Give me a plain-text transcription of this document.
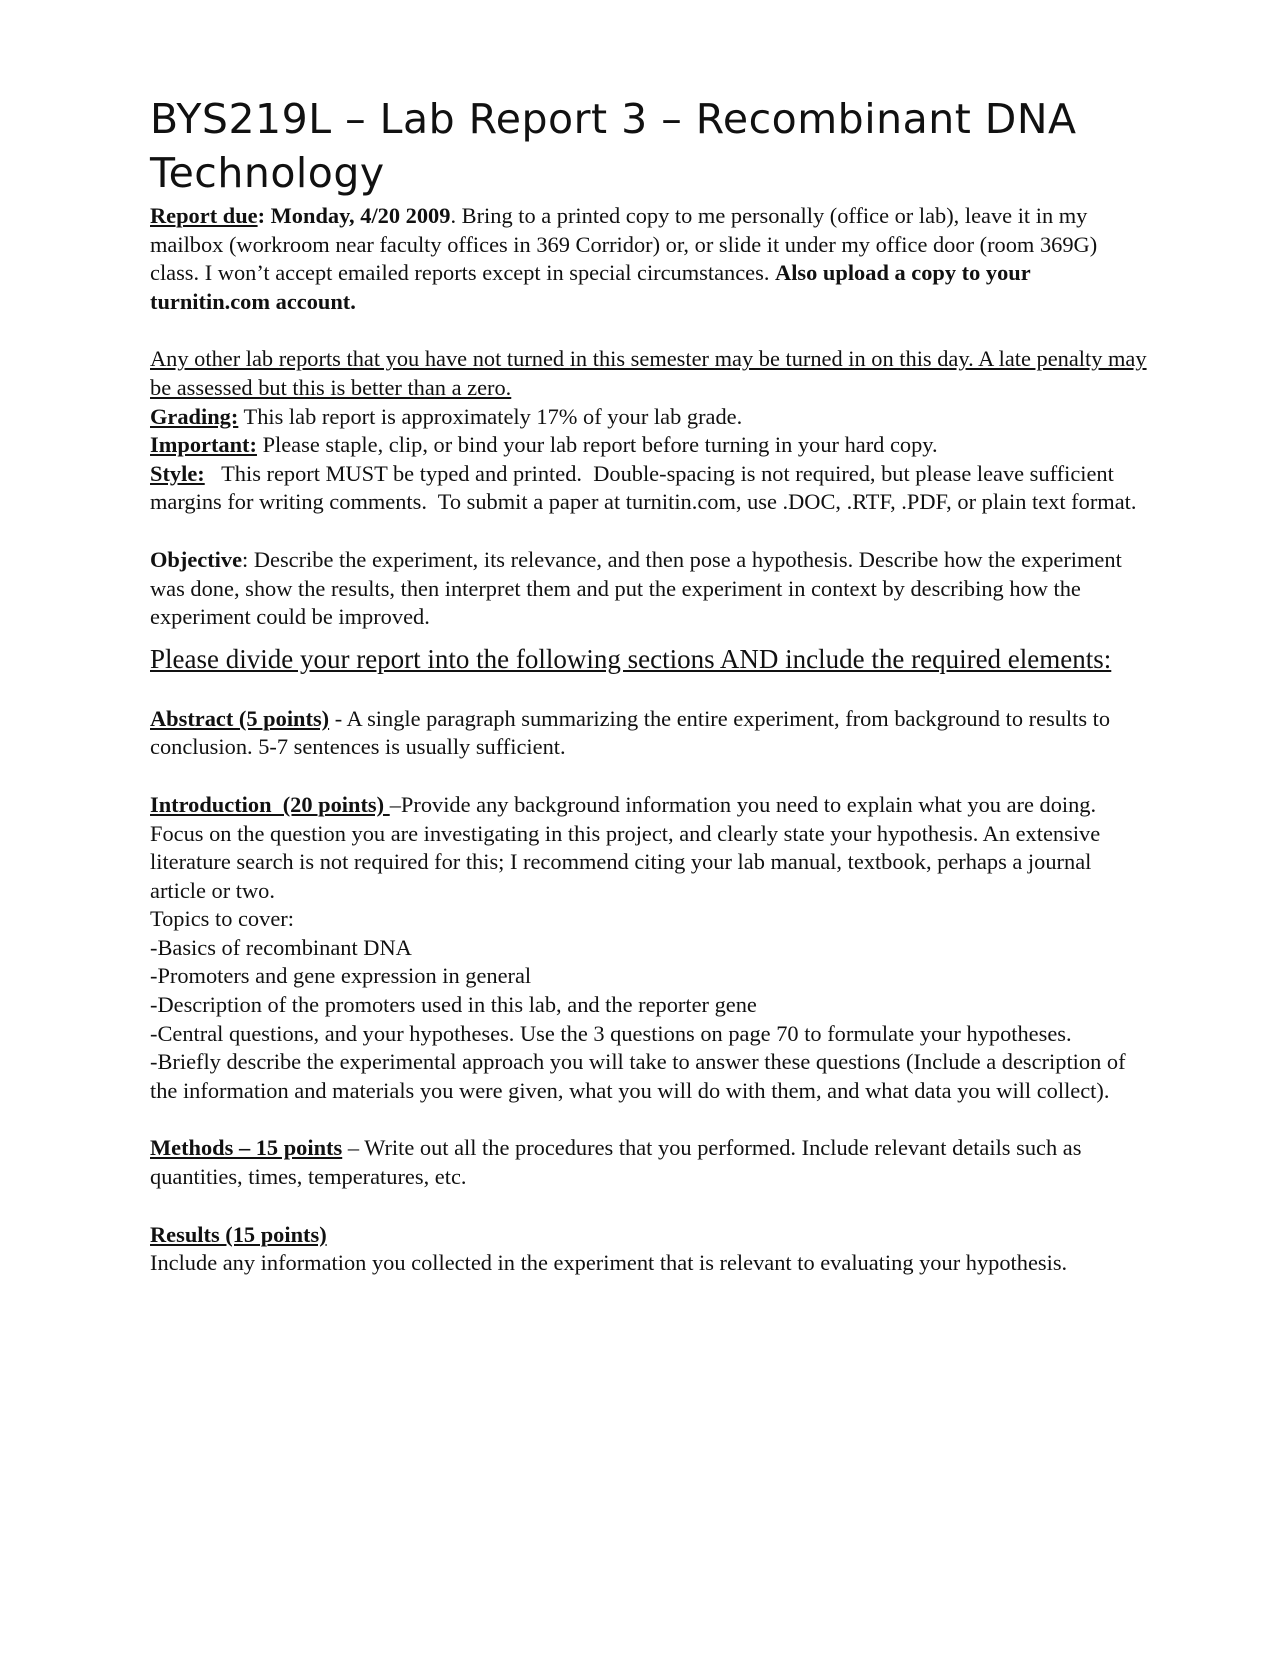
BYS219L – Lab Report 3 – Recombinant DNA Technology

Report due: Monday, 4/20 2009. Bring to a printed copy to me personally (office or lab), leave it in my mailbox (workroom near faculty offices in 369 Corridor) or, or slide it under my office door (room 369G) class. I won’t accept emailed reports except in special circumstances. Also upload a copy to your turnitin.com account.

Any other lab reports that you have not turned in this semester may be turned in on this day. A late penalty may be assessed but this is better than a zero.

Grading: This lab report is approximately 17% of your lab grade.

Important: Please staple, clip, or bind your lab report before turning in your hard copy.

Style:   This report MUST be typed and printed.  Double-spacing is not required, but please leave sufficient margins for writing comments.  To submit a paper at turnitin.com, use .DOC, .RTF, .PDF, or plain text format.

Objective: Describe the experiment, its relevance, and then pose a hypothesis. Describe how the experiment was done, show the results, then interpret them and put the experiment in context by describing how the experiment could be improved.

Please divide your report into the following sections AND include the required elements:

Abstract (5 points) - A single paragraph summarizing the entire experiment, from background to results to conclusion. 5-7 sentences is usually sufficient.

Introduction  (20 points) –Provide any background information you need to explain what you are doing. Focus on the question you are investigating in this project, and clearly state your hypothesis. An extensive literature search is not required for this; I recommend citing your lab manual, textbook, perhaps a journal article or two.

Topics to cover:

-Basics of recombinant DNA

-Promoters and gene expression in general

-Description of the promoters used in this lab, and the reporter gene

-Central questions, and your hypotheses. Use the 3 questions on page 70 to formulate your hypotheses.

-Briefly describe the experimental approach you will take to answer these questions (Include a description of the information and materials you were given, what you will do with them, and what data you will collect).

Methods – 15 points – Write out all the procedures that you performed. Include relevant details such as quantities, times, temperatures, etc.

Results (15 points)

Include any information you collected in the experiment that is relevant to evaluating your hypothesis.
